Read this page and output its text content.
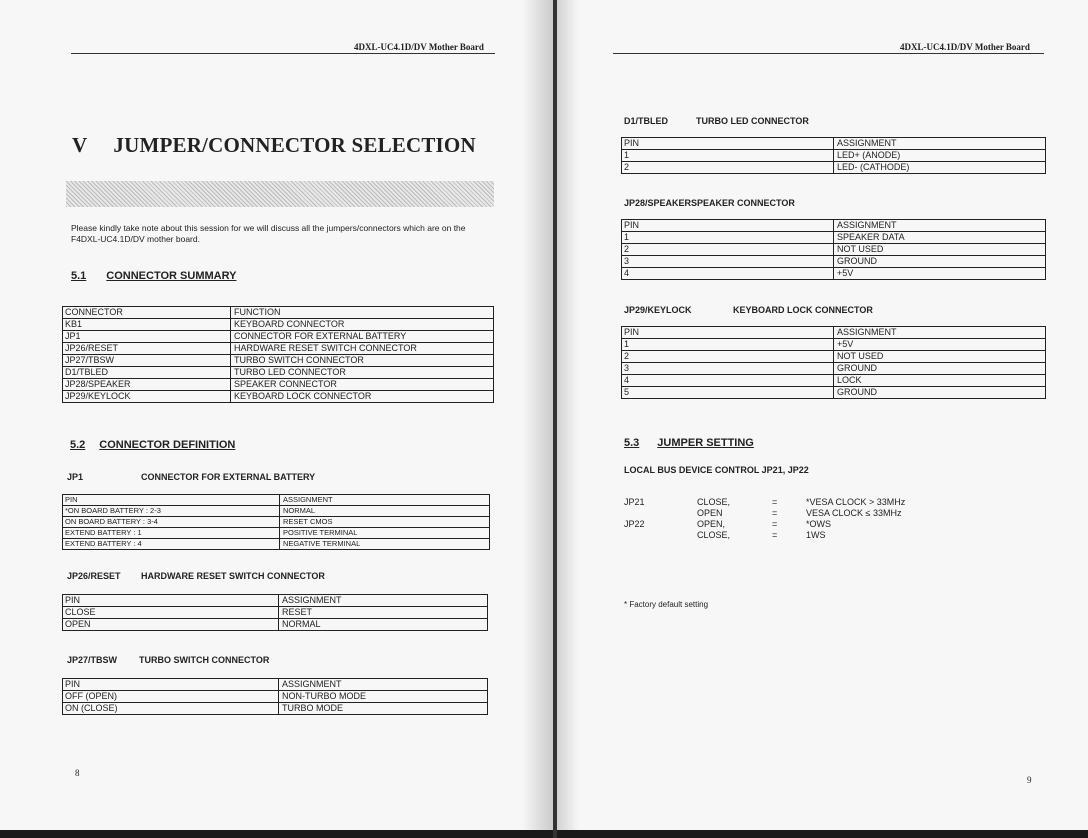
4DXL-UC4.1D/DV Mother Board
V JUMPER/CONNECTOR SELECTION
Please kindly take note about this session for we will discuss all the jumpers/connectors which are on the F4DXL-UC4.1D/DV mother board.
5.1 CONNECTOR SUMMARY
CONNECTOR	FUNCTION
KB1	KEYBOARD CONNECTOR
JP1	CONNECTOR FOR EXTERNAL BATTERY
JP26/RESET	HARDWARE RESET SWITCH CONNECTOR
JP27/TBSW	TURBO SWITCH CONNECTOR
D1/TBLED	TURBO LED CONNECTOR
JP28/SPEAKER	SPEAKER CONNECTOR
JP29/KEYLOCK	KEYBOARD LOCK CONNECTOR
5.2 CONNECTOR DEFINITION
JP1	CONNECTOR FOR EXTERNAL BATTERY
PIN	ASSIGNMENT
*ON BOARD BATTERY : 2-3	NORMAL
ON BOARD BATTERY : 3-4	RESET CMOS
EXTEND BATTERY : 1	POSITIVE TERMINAL
EXTEND BATTERY : 4	NEGATIVE TERMINAL
JP26/RESET HARDWARE RESET SWITCH CONNECTOR
PIN	ASSIGNMENT
CLOSE	RESET
OPEN	NORMAL
JP27/TBSW TURBO SWITCH CONNECTOR
PIN	ASSIGNMENT
OFF (OPEN)	NON-TURBO MODE
ON (CLOSE)	TURBO MODE
8
4DXL-UC4.1D/DV Mother Board
D1/TBLED	TURBO LED CONNECTOR
PIN	ASSIGNMENT
1	LED+ (ANODE)
2	LED- (CATHODE)
JP28/SPEAKERSPEAKER CONNECTOR
PIN	ASSIGNMENT
1	SPEAKER DATA
2	NOT USED
3	GROUND
4	+5V
JP29/KEYLOCK	KEYBOARD LOCK CONNECTOR
PIN	ASSIGNMENT
1	+5V
2	NOT USED
3	GROUND
4	LOCK
5	GROUND
5.3 JUMPER SETTING
LOCAL BUS DEVICE CONTROL JP21, JP22
JP21	CLOSE,	=	*VESA CLOCK > 33MHz
OPEN	=	VESA CLOCK ≤ 33MHz
JP22	OPEN,	=	*OWS
CLOSE,	=	1WS
* Factory default setting
9
